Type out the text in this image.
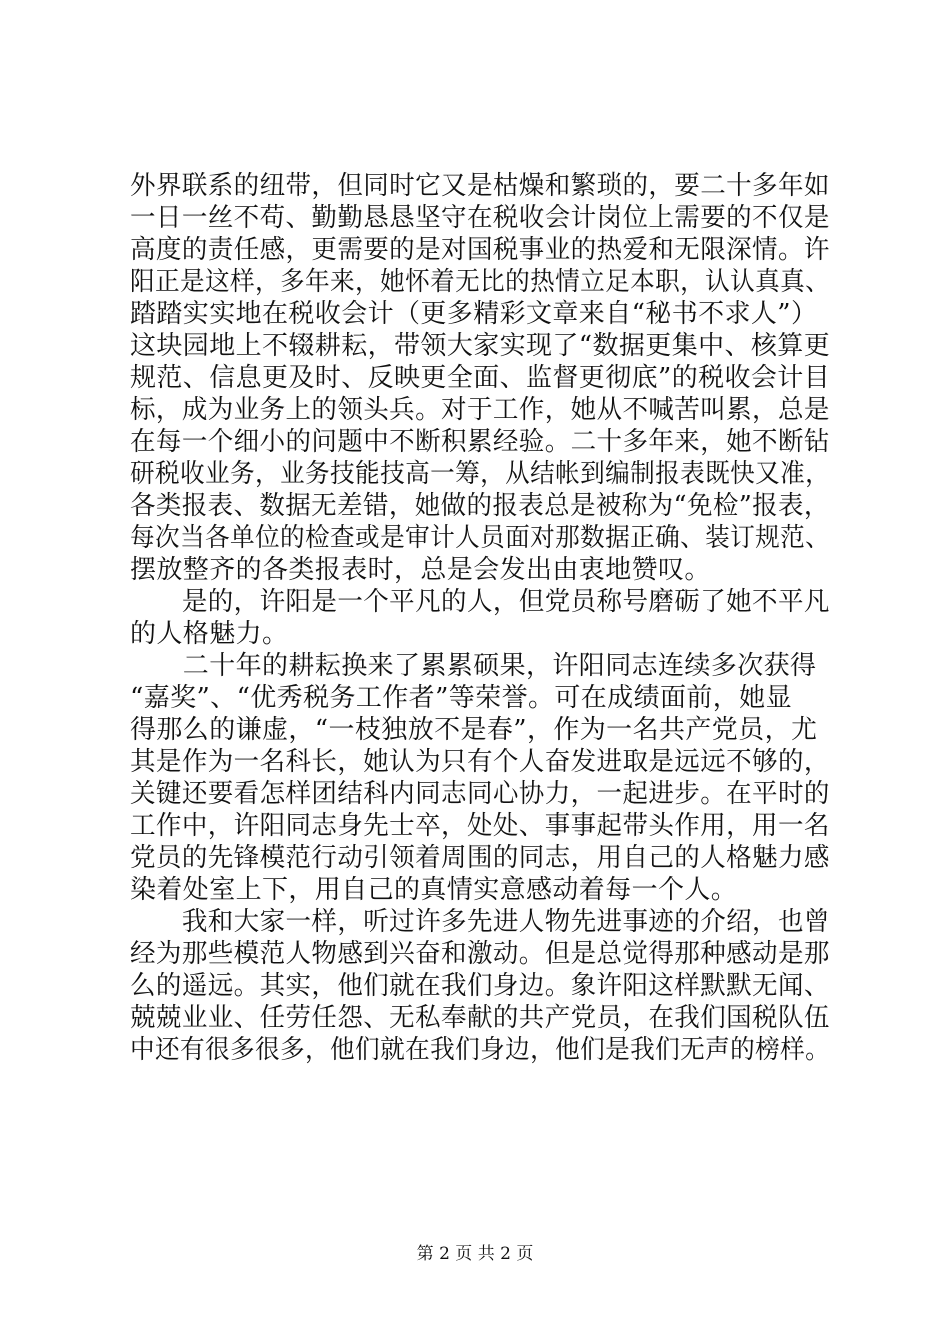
外界联系的纽带，但同时它又是枯燥和繁琐的，要二十多年如
一日一丝不苟、勤勤恳恳坚守在税收会计岗位上需要的不仅是
高度的责任感，更需要的是对国税事业的热爱和无限深情。许
阳正是这样，多年来，她怀着无比的热情立足本职，认认真真、
踏踏实实地在税收会计（更多精彩文章来自“秘书不求人”）
这块园地上不辍耕耘，带领大家实现了“数据更集中、核算更
规范、信息更及时、反映更全面、监督更彻底”的税收会计目
标，成为业务上的领头兵。对于工作，她从不喊苦叫累，总是
在每一个细小的问题中不断积累经验。二十多年来，她不断钻
研税收业务，业务技能技高一筹，从结帐到编制报表既快又准，
各类报表、数据无差错，她做的报表总是被称为“免检”报表，
每次当各单位的检查或是审计人员面对那数据正确、装订规范、
摆放整齐的各类报表时，总是会发出由衷地赞叹。
　　是的，许阳是一个平凡的人，但党员称号磨砺了她不平凡
的人格魅力。
　　二十年的耕耘换来了累累硕果，许阳同志连续多次获得
“嘉奖”、“优秀税务工作者”等荣誉。可在成绩面前，她显
得那么的谦虚，“一枝独放不是春”，作为一名共产党员，尤
其是作为一名科长，她认为只有个人奋发进取是远远不够的，
关键还要看怎样团结科内同志同心协力，一起进步。在平时的
工作中，许阳同志身先士卒，处处、事事起带头作用，用一名
党员的先锋模范行动引领着周围的同志，用自己的人格魅力感
染着处室上下，用自己的真情实意感动着每一个人。
　　我和大家一样，听过许多先进人物先进事迹的介绍，也曾
经为那些模范人物感到兴奋和激动。但是总觉得那种感动是那
么的遥远。其实，他们就在我们身边。象许阳这样默默无闻、
兢兢业业、任劳任怨、无私奉献的共产党员，在我们国税队伍
中还有很多很多，他们就在我们身边，他们是我们无声的榜样。
第 2 页 共 2 页
